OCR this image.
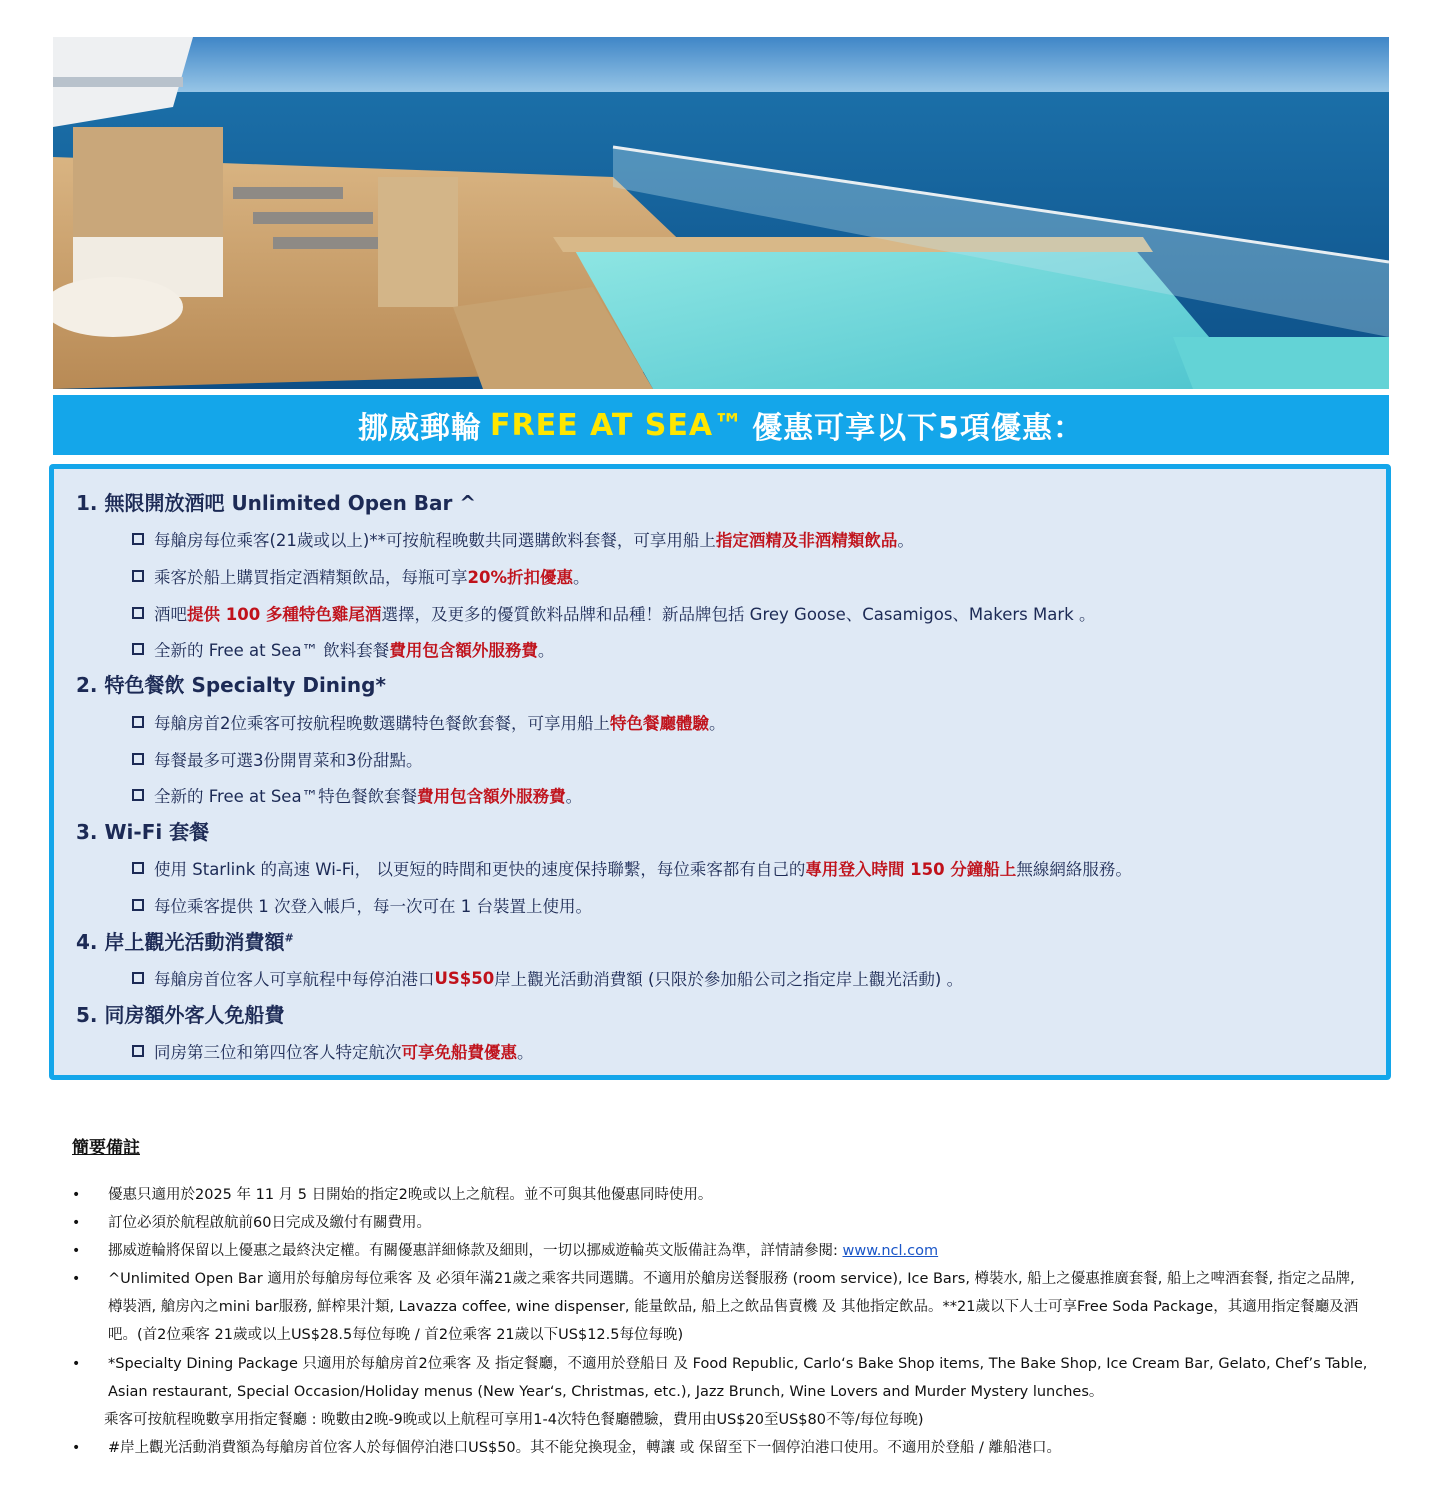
挪威郵輪 FREE AT SEA™ 優惠可享以下5項優惠：
1. 無限開放酒吧 Unlimited Open Bar ^
每艙房每位乘客(21歲或以上)**可按航程晚數共同選購飲料套餐，可享用船上 指定酒精及非酒精類飲品 。
乘客於船上購買指定酒精類飲品，每瓶可享 20%折扣優惠 。
酒吧 提供 100 多種特色雞尾酒 選擇，及更多的優質飲料品牌和品種！新品牌包括 Grey Goose、Casamigos、Makers Mark 。
全新的 Free at Sea™ 飲料套餐 費用包含額外服務費 。
2. 特色餐飲 Specialty Dining*
每艙房首2位乘客可按航程晚數選購特色餐飲套餐，可享用船上 特色餐廳體驗 。
每餐最多可選3份開胃菜和3份甜點。
全新的 Free at Sea™特色餐飲套餐 費用包含額外服務費 。
3. Wi-Fi 套餐
使用 Starlink 的高速 Wi-Fi， 以更短的時間和更快的速度保持聯繫，每位乘客都有自己的 專用登入時間 150 分鐘船上 無線網絡服務。
每位乘客提供 1 次登入帳戶，每一次可在 1 台裝置上使用。
4. 岸上觀光活動消費額#
每艙房首位客人可享航程中每停泊港口 US$50 岸上觀光活動消費額 (只限於參加船公司之指定岸上觀光活動) 。
5. 同房額外客人免船費
同房第三位和第四位客人特定航次 可享免船費優惠 。
簡要備註
• 優惠只適用於2025 年 11 月 5 日開始的指定2晚或以上之航程。並不可與其他優惠同時使用。
• 訂位必須於航程啟航前60日完成及繳付有關費用。
• 挪威遊輪將保留以上優惠之最終決定權。有關優惠詳細條款及細則，一切以挪威遊輪英文版備註為準，詳情請參閱: www.ncl.com
• ^Unlimited Open Bar 適用於每艙房每位乘客 及 必須年滿21歲之乘客共同選購。不適用於艙房送餐服務 (room service), Ice Bars, 樽裝水, 船上之優惠推廣套餐, 船上之啤酒套餐, 指定之品牌, 樽裝酒, 艙房內之mini bar服務, 鮮榨果汁類, Lavazza coffee, wine dispenser, 能量飲品, 船上之飲品售賣機 及 其他指定飲品。**21歲以下人士可享Free Soda Package，其適用指定餐廳及酒吧。(首2位乘客 21歲或以上US$28.5每位每晚 / 首2位乘客 21歲以下US$12.5每位每晚)
• *Specialty Dining Package 只適用於每艙房首2位乘客 及 指定餐廳，不適用於登船日 及 Food Republic, Carlo‘s Bake Shop items, The Bake Shop, Ice Cream Bar, Gelato, Chef’s Table, Asian restaurant, Special Occasion/Holiday menus (New Year‘s, Christmas, etc.), Jazz Brunch, Wine Lovers and Murder Mystery lunches。
乘客可按航程晚數享用指定餐廳 : 晚數由2晚-9晚或以上航程可享用1-4次特色餐廳體驗，費用由US$20至US$80不等/每位每晚)
• #岸上觀光活動消費額為每艙房首位客人於每個停泊港口US$50。其不能兌換現金，轉讓 或 保留至下一個停泊港口使用。不適用於登船 / 離船港口。
